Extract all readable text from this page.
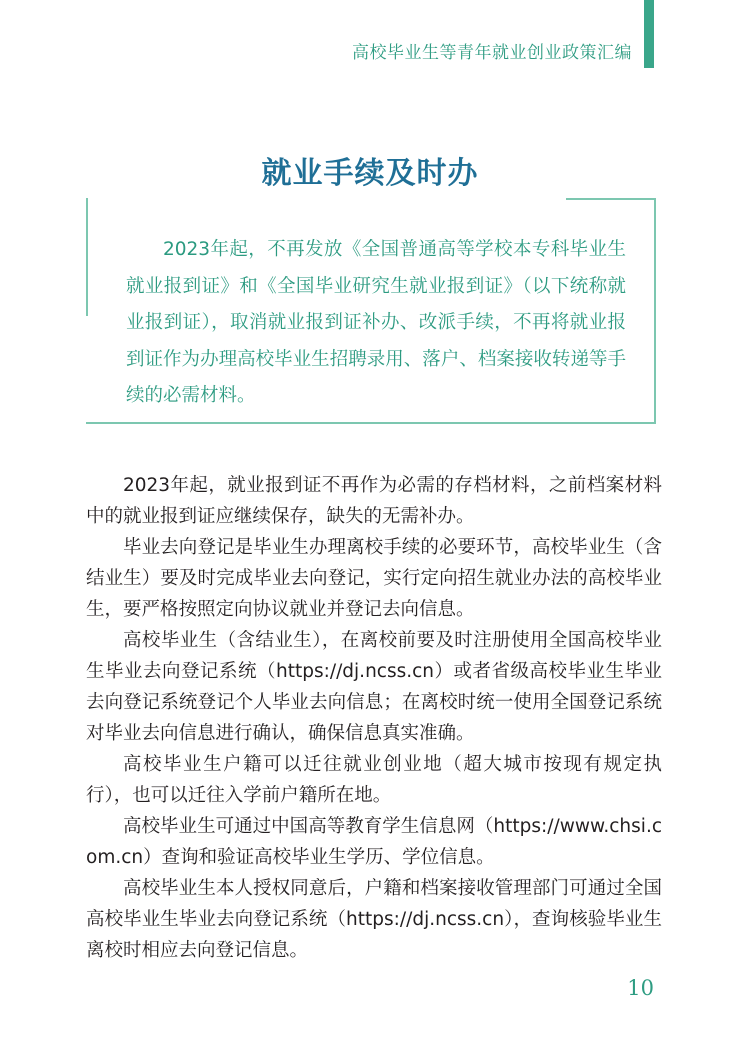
高校毕业生等青年就业创业政策汇编
就业手续及时办

2023年起，不再发放《全国普通高等学校本专科毕业生就业报到证》和《全国毕业研究生就业报到证》（以下统称就业报到证），取消就业报到证补办、改派手续，不再将就业报到证作为办理高校毕业生招聘录用、落户、档案接收转递等手续的必需材料。

2023年起，就业报到证不再作为必需的存档材料，之前档案材料中的就业报到证应继续保存，缺失的无需补办。

毕业去向登记是毕业生办理离校手续的必要环节，高校毕业生（含结业生）要及时完成毕业去向登记，实行定向招生就业办法的高校毕业生，要严格按照定向协议就业并登记去向信息。

高校毕业生（含结业生），在离校前要及时注册使用全国高校毕业生毕业去向登记系统（https://dj.ncss.cn）或者省级高校毕业生毕业去向登记系统登记个人毕业去向信息；在离校时统一使用全国登记系统对毕业去向信息进行确认，确保信息真实准确。

高校毕业生户籍可以迁往就业创业地（超大城市按现有规定执行），也可以迁往入学前户籍所在地。

高校毕业生可通过中国高等教育学生信息网（https://www.chsi.com.cn）查询和验证高校毕业生学历、学位信息。

高校毕业生本人授权同意后，户籍和档案接收管理部门可通过全国高校毕业生毕业去向登记系统（https://dj.ncss.cn），查询核验毕业生离校时相应去向登记信息。

10
